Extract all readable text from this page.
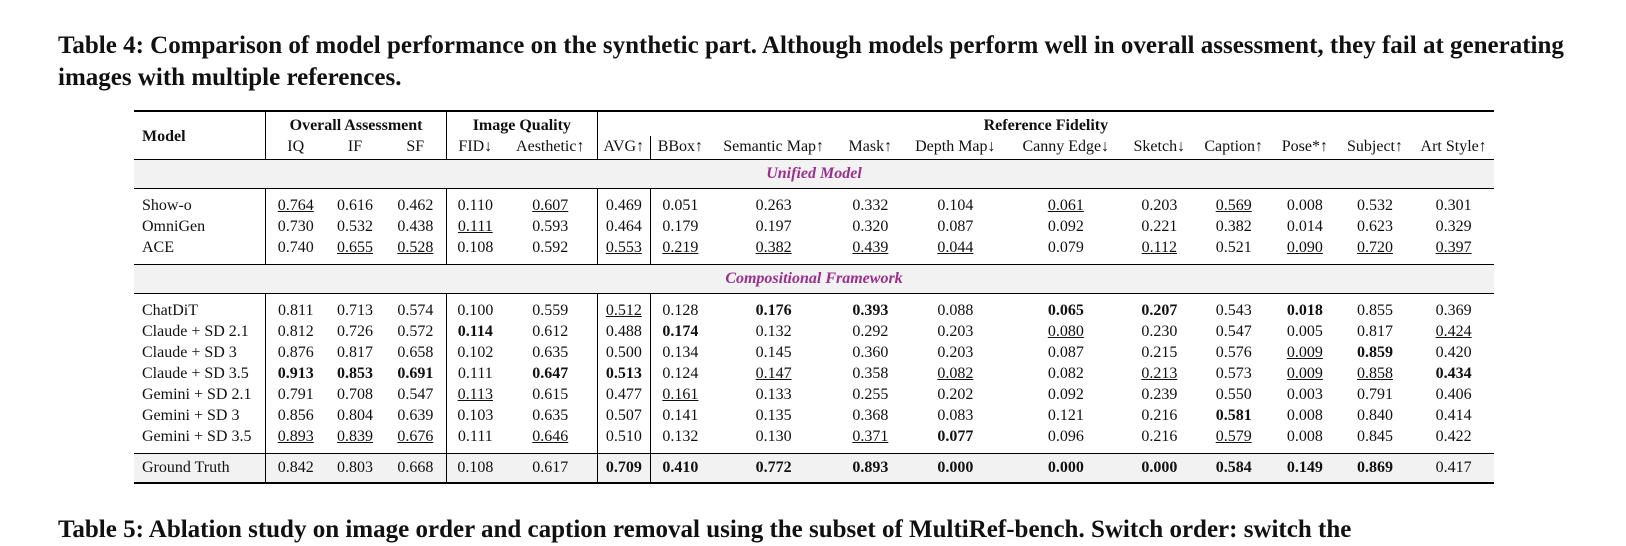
Table 4: Comparison of model performance on the synthetic part. Although models perform well in overall assessment, they fail at generating images with multiple references.
Model	Overall Assessment			Image Quality		Reference Fidelity										
	IQ	IF	SF	FID↓	Aesthetic↑	AVG↑	BBox↑	Semantic Map↑	Mask↑	Depth Map↓	Canny Edge↓	Sketch↓	Caption↑	Pose*↑	Subject↑	Art Style↑
Unified Model																

Show-o	0.764	0.616	0.462	0.110	0.607	0.469	0.051	0.263	0.332	0.104	0.061	0.203	0.569	0.008	0.532	0.301
OmniGen	0.730	0.532	0.438	0.111	0.593	0.464	0.179	0.197	0.320	0.087	0.092	0.221	0.382	0.014	0.623	0.329
ACE	0.740	0.655	0.528	0.108	0.592	0.553	0.219	0.382	0.439	0.044	0.079	0.112	0.521	0.090	0.720	0.397

Compositional Framework																

ChatDiT	0.811	0.713	0.574	0.100	0.559	0.512	0.128	0.176	0.393	0.088	0.065	0.207	0.543	0.018	0.855	0.369
Claude + SD 2.1	0.812	0.726	0.572	0.114	0.612	0.488	0.174	0.132	0.292	0.203	0.080	0.230	0.547	0.005	0.817	0.424
Claude + SD 3	0.876	0.817	0.658	0.102	0.635	0.500	0.134	0.145	0.360	0.203	0.087	0.215	0.576	0.009	0.859	0.420
Claude + SD 3.5	0.913	0.853	0.691	0.111	0.647	0.513	0.124	0.147	0.358	0.082	0.082	0.213	0.573	0.009	0.858	0.434
Gemini + SD 2.1	0.791	0.708	0.547	0.113	0.615	0.477	0.161	0.133	0.255	0.202	0.092	0.239	0.550	0.003	0.791	0.406
Gemini + SD 3	0.856	0.804	0.639	0.103	0.635	0.507	0.141	0.135	0.368	0.083	0.121	0.216	0.581	0.008	0.840	0.414
Gemini + SD 3.5	0.893	0.839	0.676	0.111	0.646	0.510	0.132	0.130	0.371	0.077	0.096	0.216	0.579	0.008	0.845	0.422

Ground Truth	0.842	0.803	0.668	0.108	0.617	0.709	0.410	0.772	0.893	0.000	0.000	0.000	0.584	0.149	0.869	0.417
Table 5: Ablation study on image order and caption removal using the subset of MultiRef-bench. Switch order: switch the
